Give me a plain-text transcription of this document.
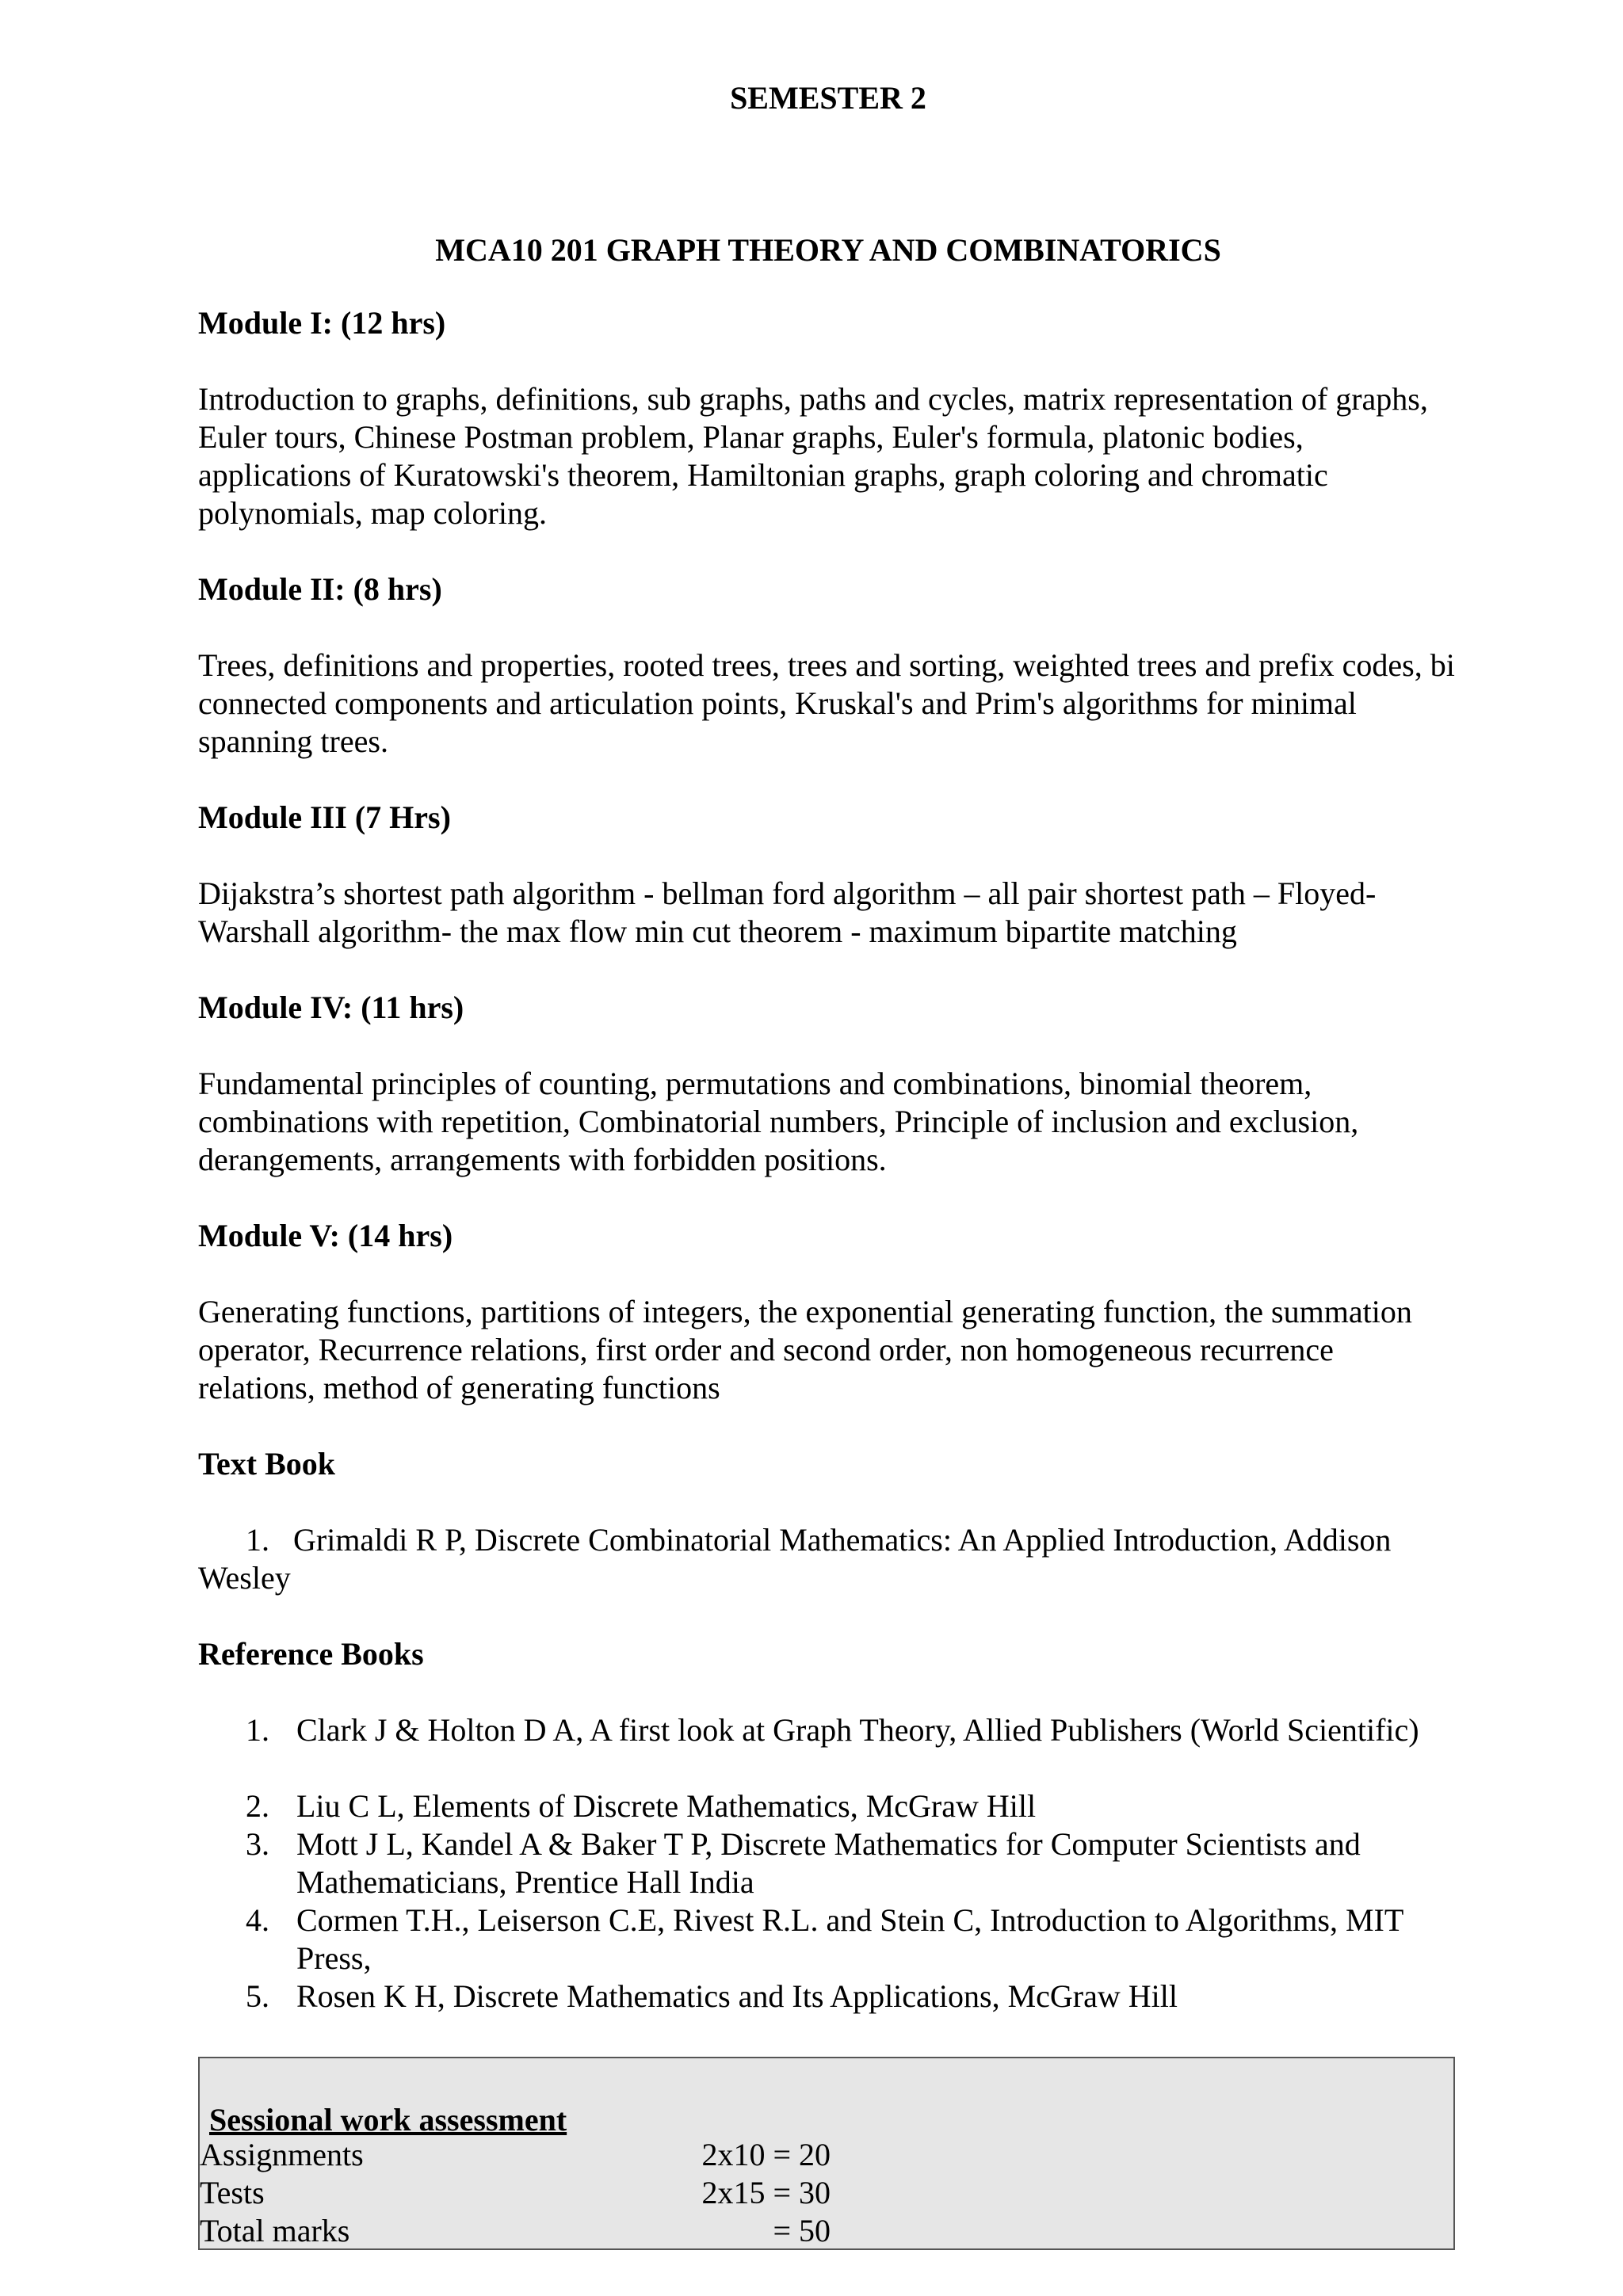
SEMESTER 2
MCA10 201 GRAPH THEORY AND COMBINATORICS
Module I: (12 hrs)
Introduction to graphs, definitions, sub graphs, paths and cycles, matrix representation of graphs, Euler tours, Chinese Postman problem, Planar graphs, Euler's formula, platonic bodies, applications of Kuratowski's theorem, Hamiltonian graphs, graph coloring and chromatic polynomials, map coloring.
Module II: (8 hrs)
Trees, definitions and properties, rooted trees, trees and sorting, weighted trees and prefix codes, bi connected components and articulation points, Kruskal's and Prim's algorithms for minimal spanning trees.
Module III (7 Hrs)
Dijakstra’s shortest path algorithm - bellman ford algorithm – all pair shortest path – Floyed-Warshall algorithm- the max flow min cut theorem - maximum bipartite matching
Module IV: (11 hrs)
Fundamental principles of counting, permutations and combinations, binomial theorem, combinations with repetition, Combinatorial numbers, Principle of inclusion and exclusion, derangements, arrangements with forbidden positions.
Module V: (14 hrs)
Generating functions, partitions of integers, the exponential generating function, the summation operator, Recurrence relations, first order and second order, non homogeneous recurrence relations, method of generating functions
Text Book
1. Grimaldi R P, Discrete Combinatorial Mathematics: An Applied Introduction, Addison Wesley
Reference Books
1. Clark J & Holton D A, A first look at Graph Theory, Allied Publishers (World Scientific)
2. Liu C L, Elements of Discrete Mathematics, McGraw Hill
3. Mott J L, Kandel A & Baker T P, Discrete Mathematics for Computer Scientists and Mathematicians, Prentice Hall India
4. Cormen T.H., Leiserson C.E, Rivest R.L. and Stein C, Introduction to Algorithms, MIT Press,
5. Rosen K H, Discrete Mathematics and Its Applications, McGraw Hill
Sessional work assessment
Assignments	2x10 = 20
Tests	2x15 = 30
Total marks	= 50
